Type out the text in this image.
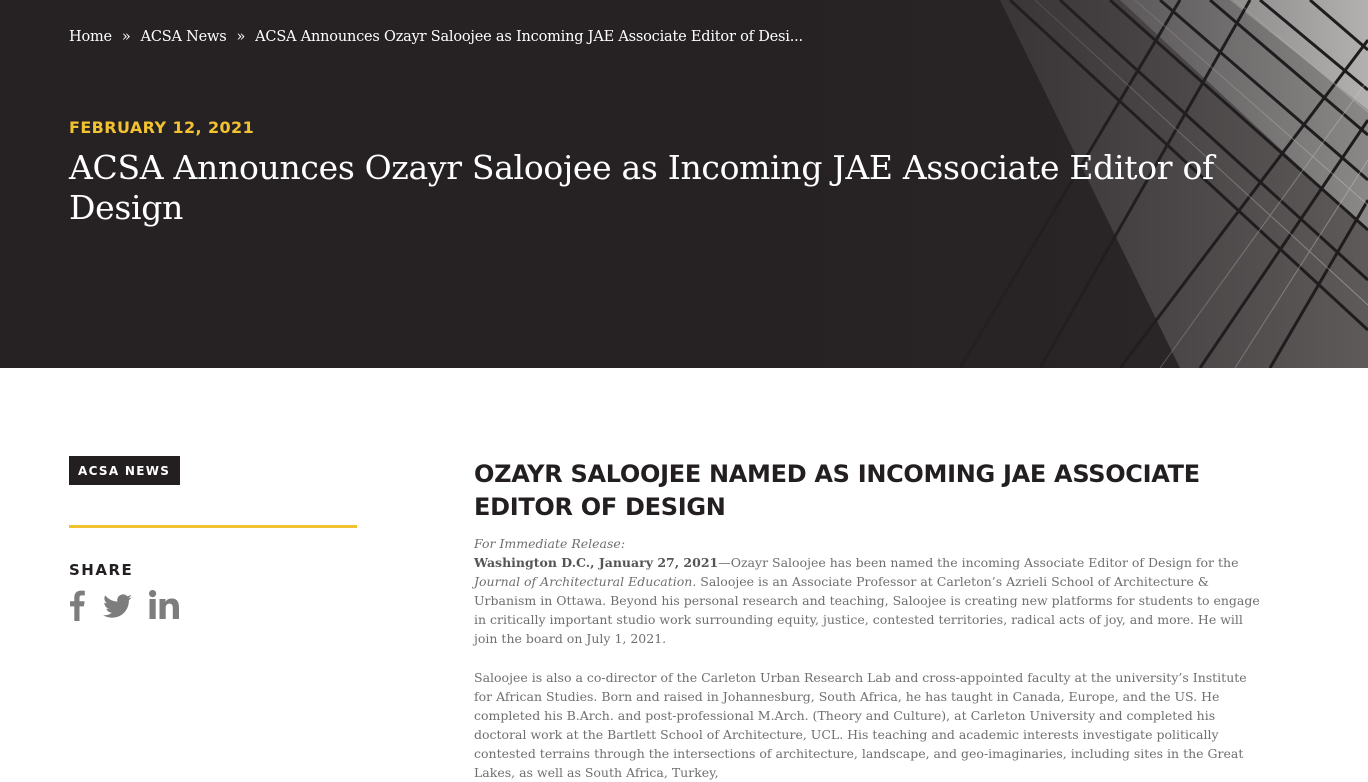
Home » ACSA News » ACSA Announces Ozayr Saloojee as Incoming JAE Associate Editor of Desi...
FEBRUARY 12, 2021
ACSA Announces Ozayr Saloojee as Incoming JAE Associate Editor of Design
ACSA NEWS
SHARE
OZAYR SALOOJEE NAMED AS INCOMING JAE ASSOCIATE EDITOR OF DESIGN

For Immediate Release:

Washington D.C., January 27, 2021—Ozayr Saloojee has been named the incoming Associate Editor of Design for the Journal of Architectural Education. Saloojee is an Associate Professor at Carleton’s Azrieli School of Architecture & Urbanism in Ottawa. Beyond his personal research and teaching, Saloojee is creating new platforms for students to engage in critically important studio work surrounding equity, justice, contested territories, radical acts of joy, and more. He will join the board on July 1, 2021.

Saloojee is also a co-director of the Carleton Urban Research Lab and cross-appointed faculty at the university’s Institute for African Studies. Born and raised in Johannesburg, South Africa, he has taught in Canada, Europe, and the US. He completed his B.Arch. and post-professional M.Arch. (Theory and Culture), at Carleton University and completed his doctoral work at the Bartlett School of Architecture, UCL. His teaching and academic interests investigate politically contested terrains through the intersections of architecture, landscape, and geo-imaginaries, including sites in the Great Lakes, as well as South Africa, Turkey,
